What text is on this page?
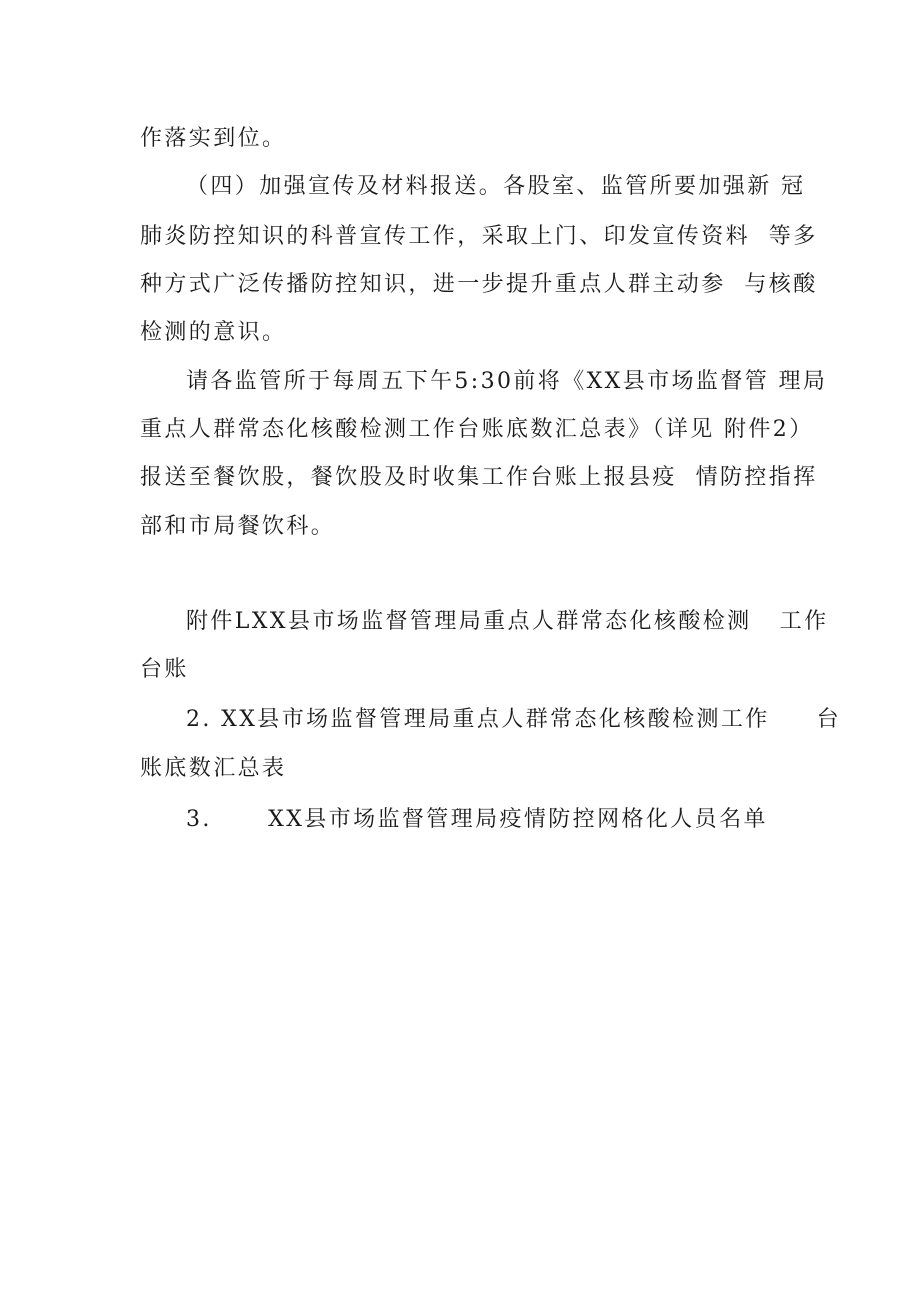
作落实到位。
（四）加强宣传及材料报送。各股室、监管所要加强新 冠
肺炎防控知识的科普宣传工作，采取上门、印发宣传资料  等多
种方式广泛传播防控知识，进一步提升重点人群主动参  与核酸
检测的意识。
请各监管所于每周五下午5:30前将《XX县市场监督管 理局
重点人群常态化核酸检测工作台账底数汇总表》（详见 附件2）
报送至餐饮股，餐饮股及时收集工作台账上报县疫  情防控指挥
部和市局餐饮科。
附件LXX县市场监督管理局重点人群常态化核酸检测   工作
台账
2. XX县市场监督管理局重点人群常态化核酸检测工作     台
账底数汇总表
3.      XX县市场监督管理局疫情防控网格化人员名单
